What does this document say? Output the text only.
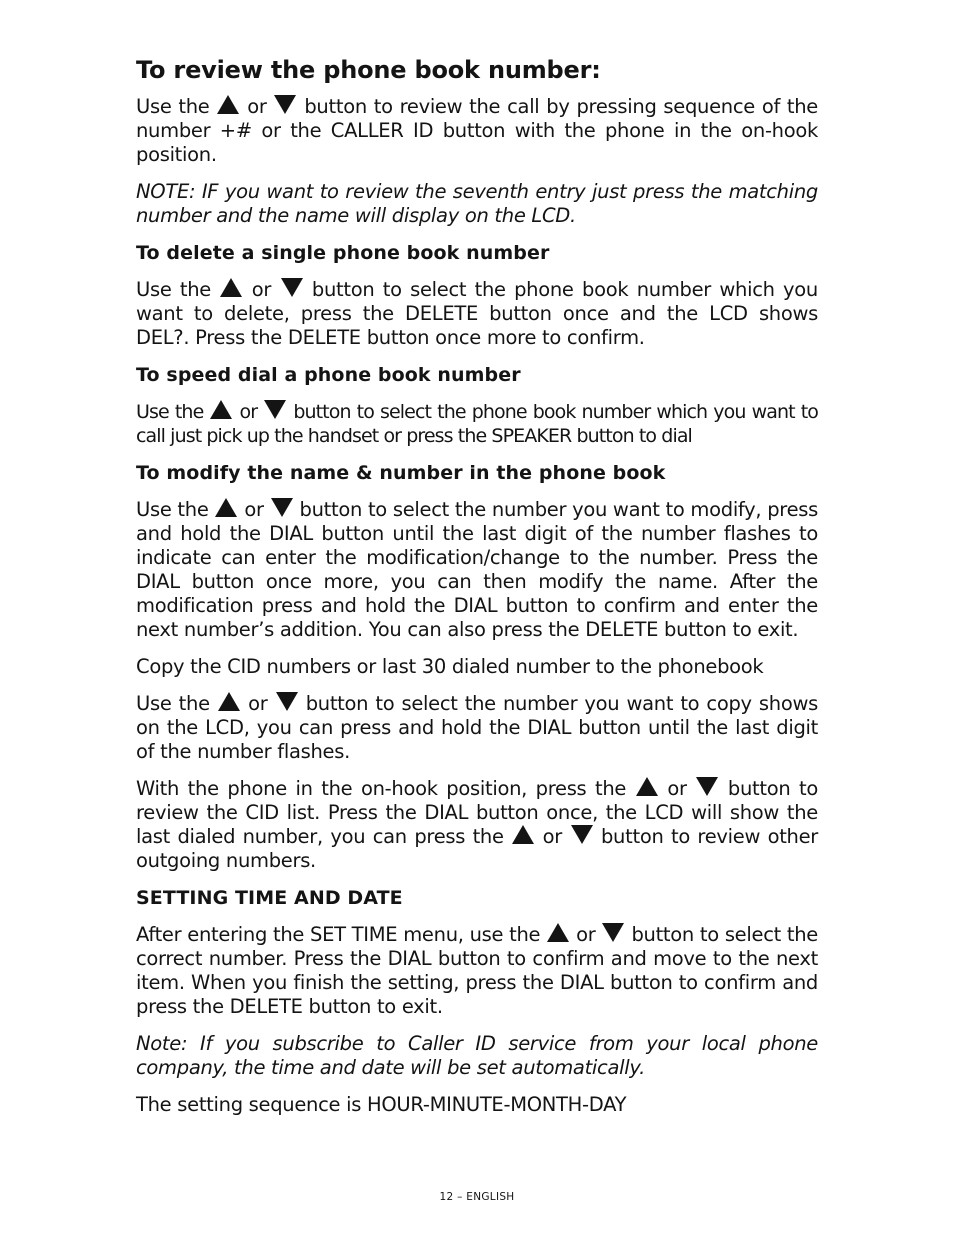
To review the phone book number:
Use the or button to review the call by pressing sequence of the number +# or the CALLER ID button with the phone in the on-hook position.
NOTE: IF you want to review the seventh entry just press the matching number and the name will display on the LCD.
To delete a single phone book number
Use the or button to select the phone book number which you want to delete, press the DELETE button once and the LCD shows DEL?. Press the DELETE button once more to confirm.
To speed dial a phone book number
Use the or button to select the phone book number which you want to call just pick up the handset or press the SPEAKER button to dial
To modify the name & number in the phone book
Use the or button to select the number you want to modify, press and hold the DIAL button until the last digit of the number flashes to indicate can enter the modification/change to the number. Press the DIAL button once more, you can then modify the name. After the modification press and hold the DIAL button to confirm and enter the next number’s addition. You can also press the DELETE button to exit.
Copy the CID numbers or last 30 dialed number to the phonebook
Use the or button to select the number you want to copy shows on the LCD, you can press and hold the DIAL button until the last digit of the number flashes.
With the phone in the on-hook position, press the or button to review the CID list. Press the DIAL button once, the LCD will show the last dialed number, you can press the or button to review other outgoing numbers.
SETTING TIME AND DATE
After entering the SET TIME menu, use the or button to select the correct number. Press the DIAL button to confirm and move to the next item. When you finish the setting, press the DIAL button to confirm and press the DELETE button to exit.
Note: If you subscribe to Caller ID service from your local phone company, the time and date will be set automatically.
The setting sequence is HOUR-MINUTE-MONTH-DAY
12 – ENGLISH
